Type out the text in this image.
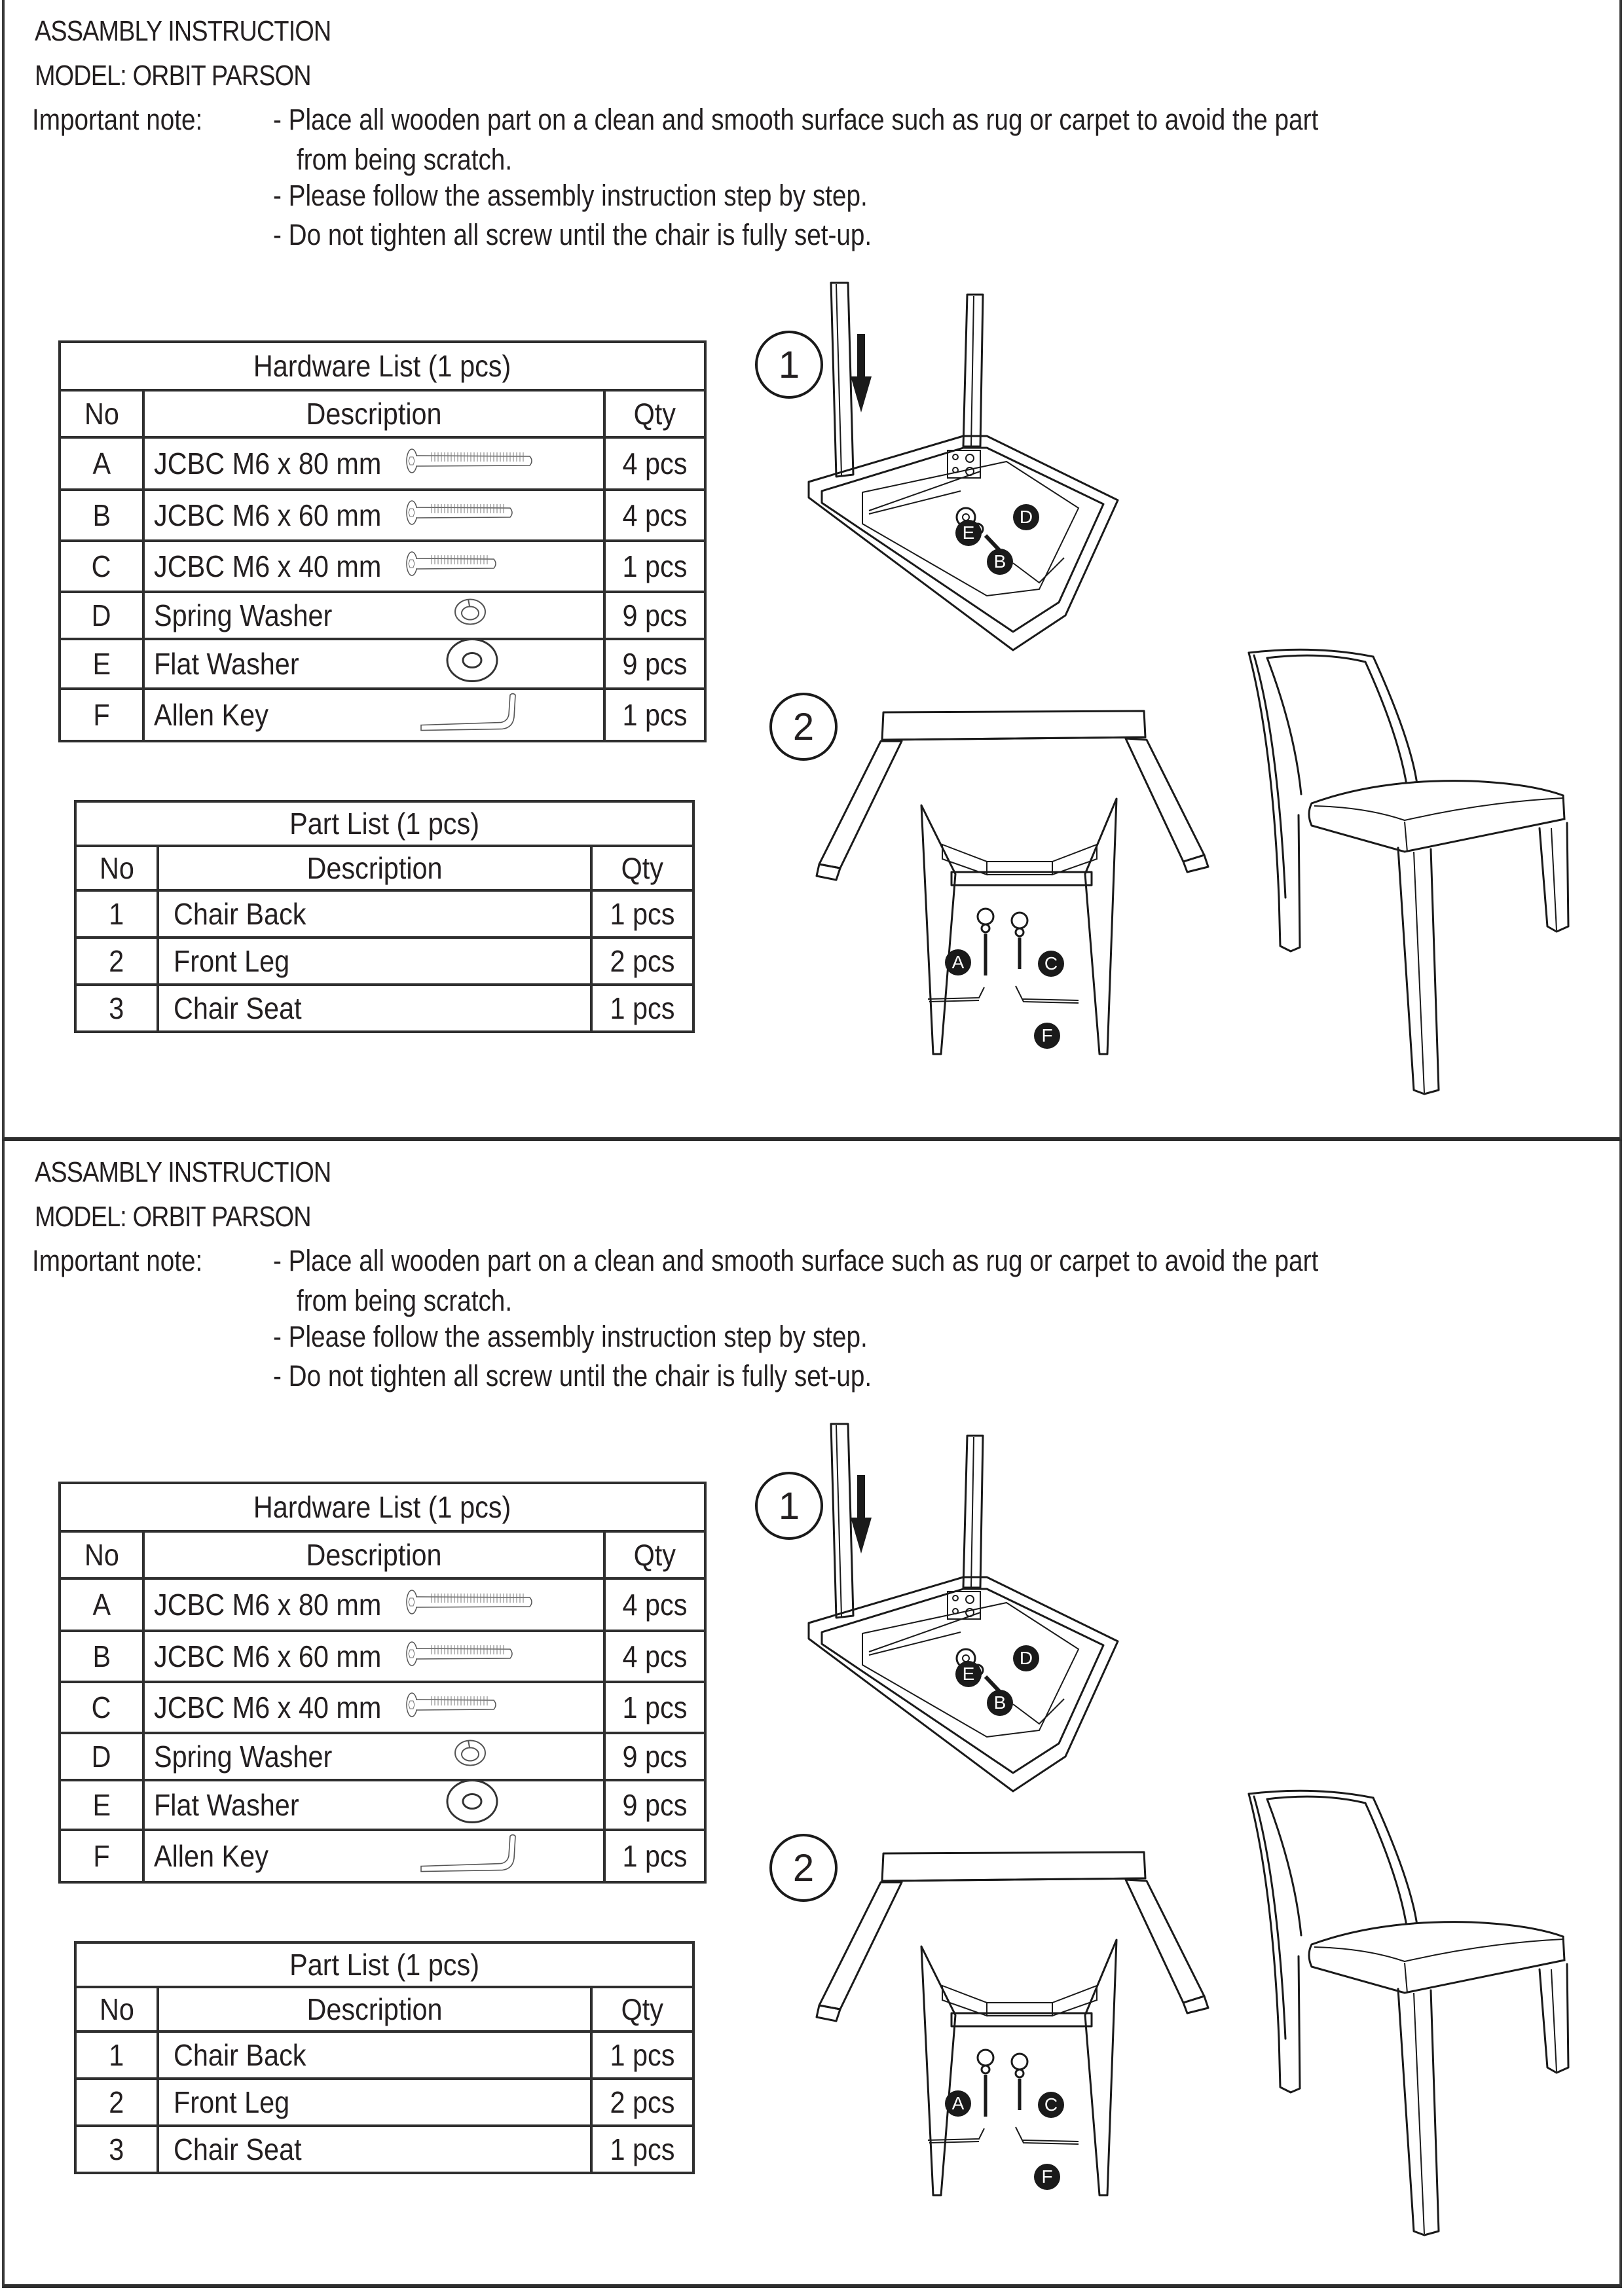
ASSAMBLY INSTRUCTION
MODEL: ORBIT PARSON
Important note: - Place all wooden part on a clean and smooth surface such as rug or carpet to avoid the part
from being scratch.
- Please follow the assembly instruction step by step.
- Do not tighten all screw until the chair is fully set-up.
Hardware List (1 pcs)		
No	Description	Qty
A	JCBC M6 x 80 mm	4 pcs
B	JCBC M6 x 60 mm	4 pcs
C	JCBC M6 x 40 mm	1 pcs
D	Spring Washer	9 pcs
E	Flat Washer	9 pcs
F	Allen Key	1 pcs
Part List (1 pcs)		
No	Description	Qty
1	Chair Back	1 pcs
2	Front Leg	2 pcs
3	Chair Seat	1 pcs
1
E
D
B
2
A	C
F
ASSAMBLY INSTRUCTION
MODEL: ORBIT PARSON
Important note: - Place all wooden part on a clean and smooth surface such as rug or carpet to avoid the part
from being scratch.
- Please follow the assembly instruction step by step.
- Do not tighten all screw until the chair is fully set-up.
Hardware List (1 pcs)		
No	Description	Qty
A	JCBC M6 x 80 mm	4 pcs
B	JCBC M6 x 60 mm	4 pcs
C	JCBC M6 x 40 mm	1 pcs
D	Spring Washer	9 pcs
E	Flat Washer	9 pcs
F	Allen Key	1 pcs
Part List (1 pcs)		
No	Description	Qty
1	Chair Back	1 pcs
2	Front Leg	2 pcs
3	Chair Seat	1 pcs
1
E
D
B
2
A	C
F
